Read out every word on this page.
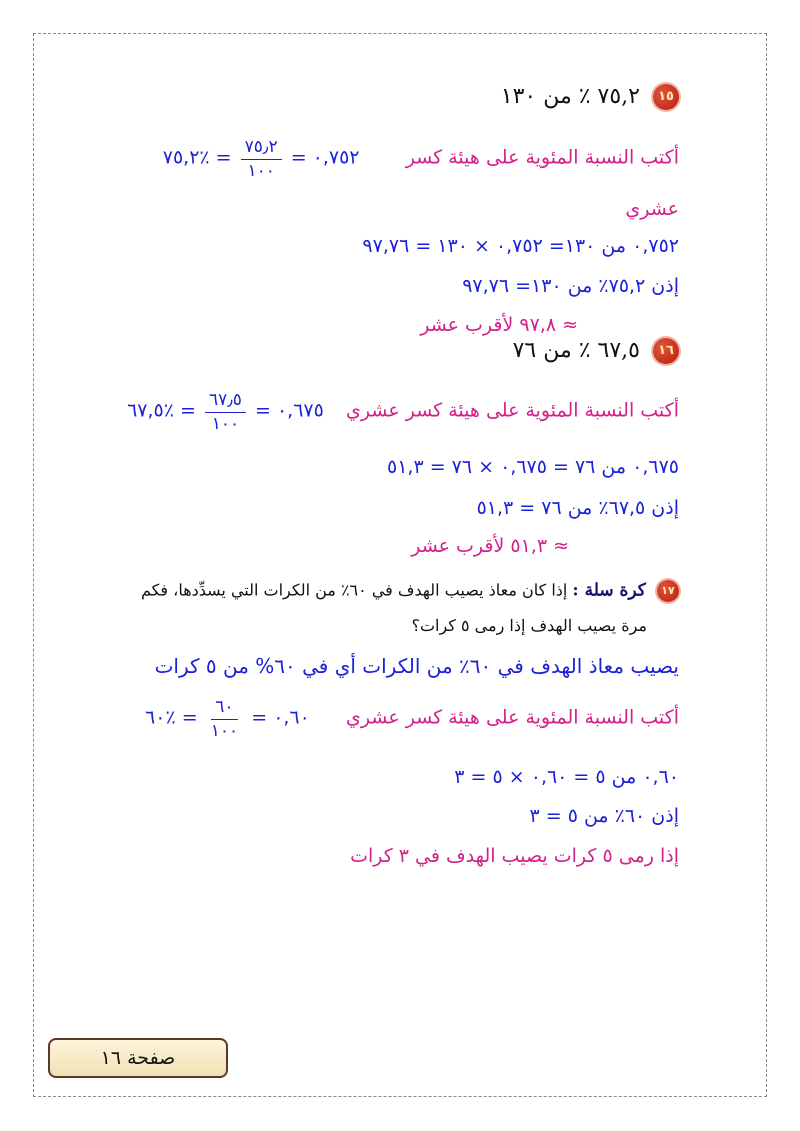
١٥ ٧٥,٢ ٪ من ١٣٠
أكتب النسبة المئوية على هيئة كسر  ٠,٧٥٢ =
$\frac{٧٥٫٢}{١٠٠}$
= ٪٧٥,٢
عشري
٠,٧٥٢ من ١٣٠= ٠,٧٥٢ × ١٣٠ = ٩٧,٧٦
إذن ٧٥,٢٪ من ١٣٠= ٩٧,٧٦
≈ ٩٧,٨ لأقرب عشر
١٦ ٦٧,٥ ٪ من ٧٦
أكتب النسبة المئوية على هيئة كسر عشري  ٠,٦٧٥ =
$\frac{٦٧٫٥}{١٠٠}$
= ٪٦٧,٥
٠,٦٧٥ من ٧٦ = ٠,٦٧٥ × ٧٦ = ٥١,٣
إذن ٦٧,٥٪ من ٧٦ = ٥١,٣
≈ ٥١,٣ لأقرب عشر
١٧ كرة سلة : إذا كان معاذ يصيب الهدف في ٦٠٪ من الكرات التي يسدِّدها، فكم
مرة يصيب الهدف إذا رمى ٥ كرات؟
يصيب معاذ الهدف في ٦٠٪ من الكرات أي في ٦٠% من ٥ كرات
أكتب النسبة المئوية على هيئة كسر عشري  ٠,٦٠ =
$\frac{٦٠}{١٠٠}$
= ٪٦٠
٠,٦٠ من ٥ = ٠,٦٠ × ٥ = ٣
إذن ٦٠٪ من ٥ = ٣
إذا رمى ٥ كرات يصيب الهدف في ٣ كرات
صفحة ١٦
